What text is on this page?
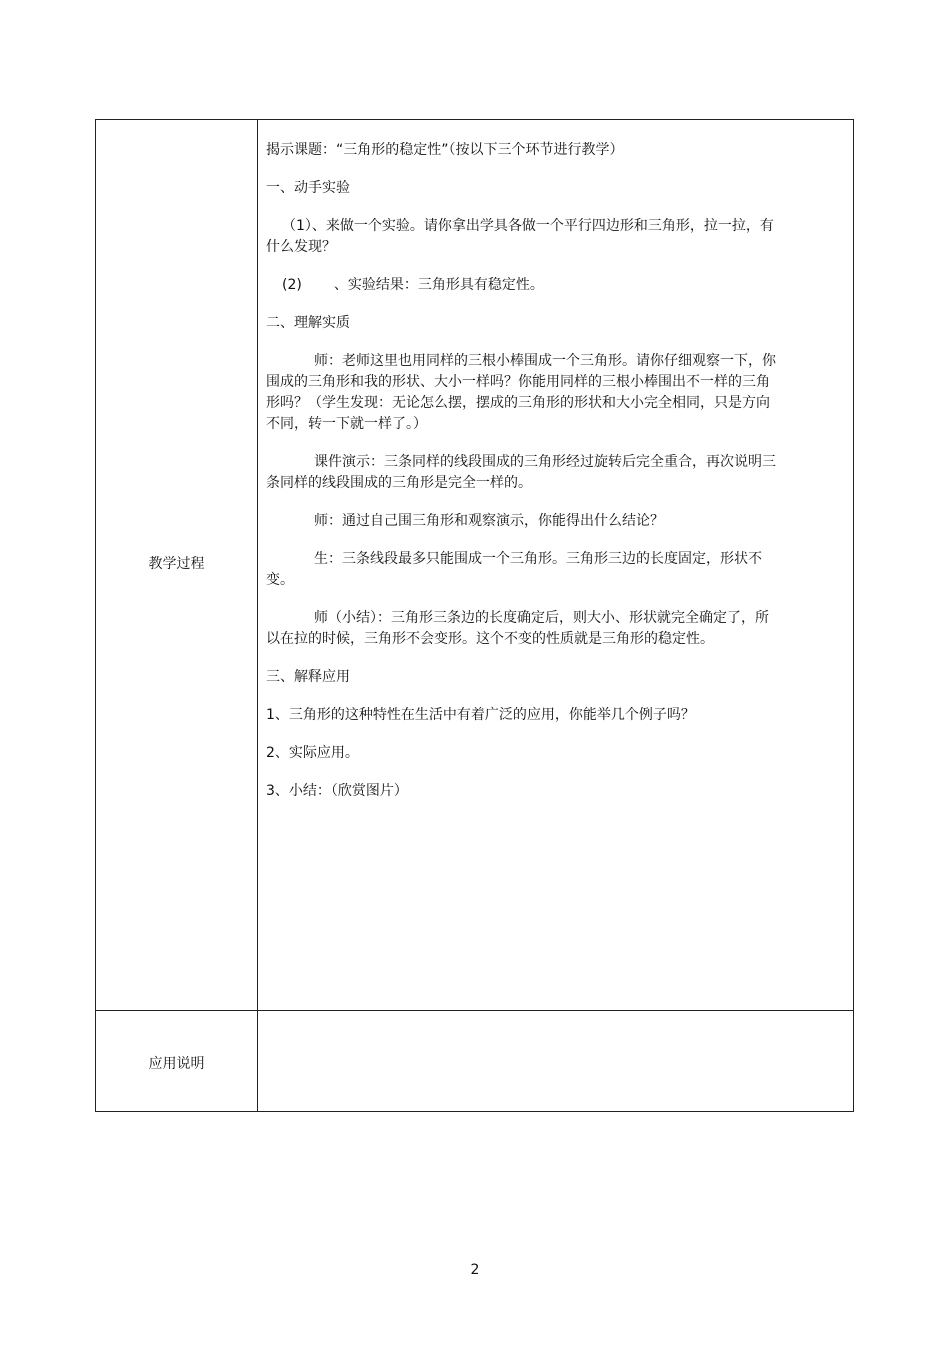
教学过程
应用说明

揭示课题：“三角形的稳定性”（按以下三个环节进行教学）

一、动手实验

（1）、来做一个实验。请你拿出学具各做一个平行四边形和三角形，拉一拉，有什么发现？

(2) 、实验结果：三角形具有稳定性。

二、理解实质

师：老师这里也用同样的三根小棒围成一个三角形。请你仔细观察一下，你围成的三角形和我的形状、大小一样吗？你能用同样的三根小棒围出不一样的三角形吗？（学生发现：无论怎么摆，摆成的三角形的形状和大小完全相同，只是方向不同，转一下就一样了。）

课件演示：三条同样的线段围成的三角形经过旋转后完全重合，再次说明三条同样的线段围成的三角形是完全一样的。

师：通过自己围三角形和观察演示，你能得出什么结论？

生：三条线段最多只能围成一个三角形。三角形三边的长度固定，形状不变。

师（小结）：三角形三条边的长度确定后，则大小、形状就完全确定了，所以在拉的时候，三角形不会变形。这个不变的性质就是三角形的稳定性。

三、解释应用

1、三角形的这种特性在生活中有着广泛的应用，你能举几个例子吗？

2、实际应用。

3、小结：（欣赏图片）

2
